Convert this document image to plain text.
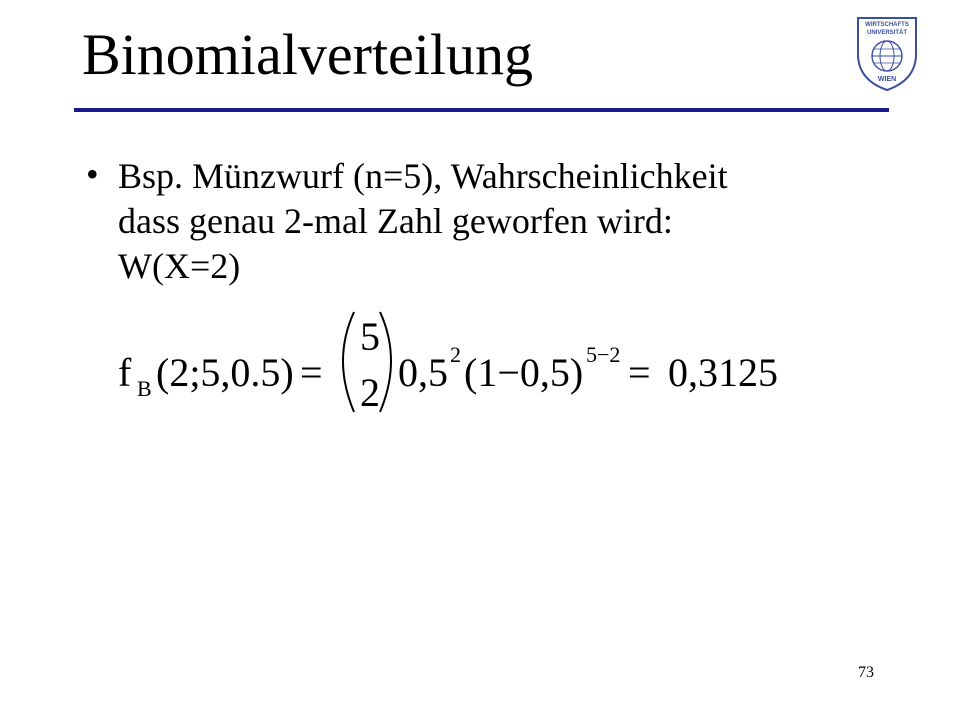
Binomialverteilung	WIRTSCHAFTS
UNIVERSITÄT
WIEN
• Bsp. Münzwurf (n=5), Wahrscheinlichkeit
dass genau 2-mal Zahl geworfen wird:
W(X=2)
f B (2;5,0.5) =
5
2 0,5 2 (1−0,5) 5−2 = 0,3125
73
